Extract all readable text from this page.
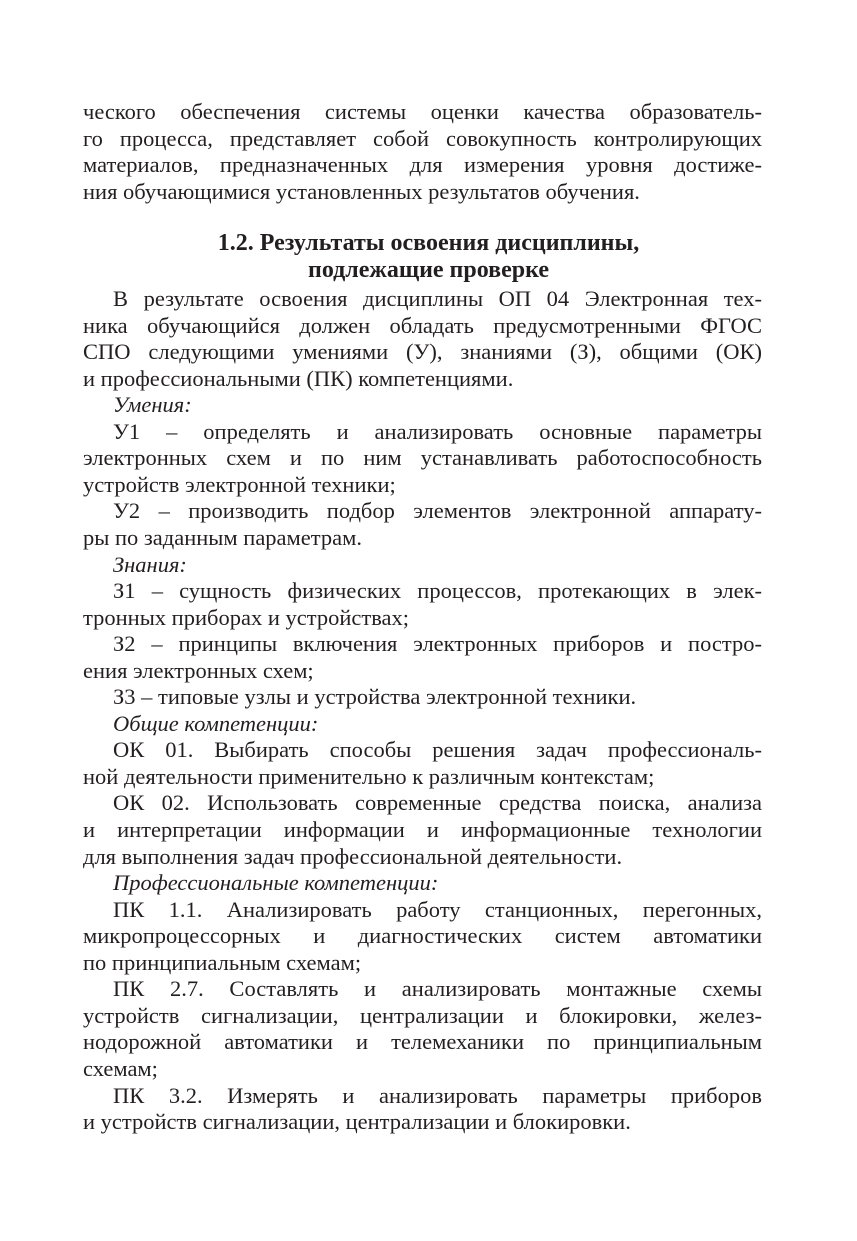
ческого обеспечения системы оценки качества образователь-
го процесса, представляет собой совокупность контролирующих
материалов, предназначенных для измерения уровня достиже-
ния обучающимися установленных результатов обучения.
1.2. Результаты освоения дисциплины,
подлежащие проверке
В результате освоения дисциплины ОП 04 Электронная тех-
ника обучающийся должен обладать предусмотренными ФГОС
СПО следующими умениями (У), знаниями (З), общими (ОК)
и профессиональными (ПК) компетенциями.
Умения:
У1 – определять и анализировать основные параметры
электронных схем и по ним устанавливать работоспособность
устройств электронной техники;
У2 – производить подбор элементов электронной аппарату-
ры по заданным параметрам.
Знания:
З1 – сущность физических процессов, протекающих в элек-
тронных приборах и устройствах;
З2 – принципы включения электронных приборов и постро-
ения электронных схем;
З3 – типовые узлы и устройства электронной техники.
Общие компетенции:
ОК 01. Выбирать способы решения задач профессиональ-
ной деятельности применительно к различным контекстам;
ОК 02. Использовать современные средства поиска, анализа
и интерпретации информации и информационные технологии
для выполнения задач профессиональной деятельности.
Профессиональные компетенции:
ПК 1.1. Анализировать работу станционных, перегонных,
микропроцессорных и диагностических систем автоматики
по принципиальным схемам;
ПК 2.7. Составлять и анализировать монтажные схемы
устройств сигнализации, централизации и блокировки, желез-
нодорожной автоматики и телемеханики по принципиальным
схемам;
ПК 3.2. Измерять и анализировать параметры приборов
и устройств сигнализации, централизации и блокировки.
